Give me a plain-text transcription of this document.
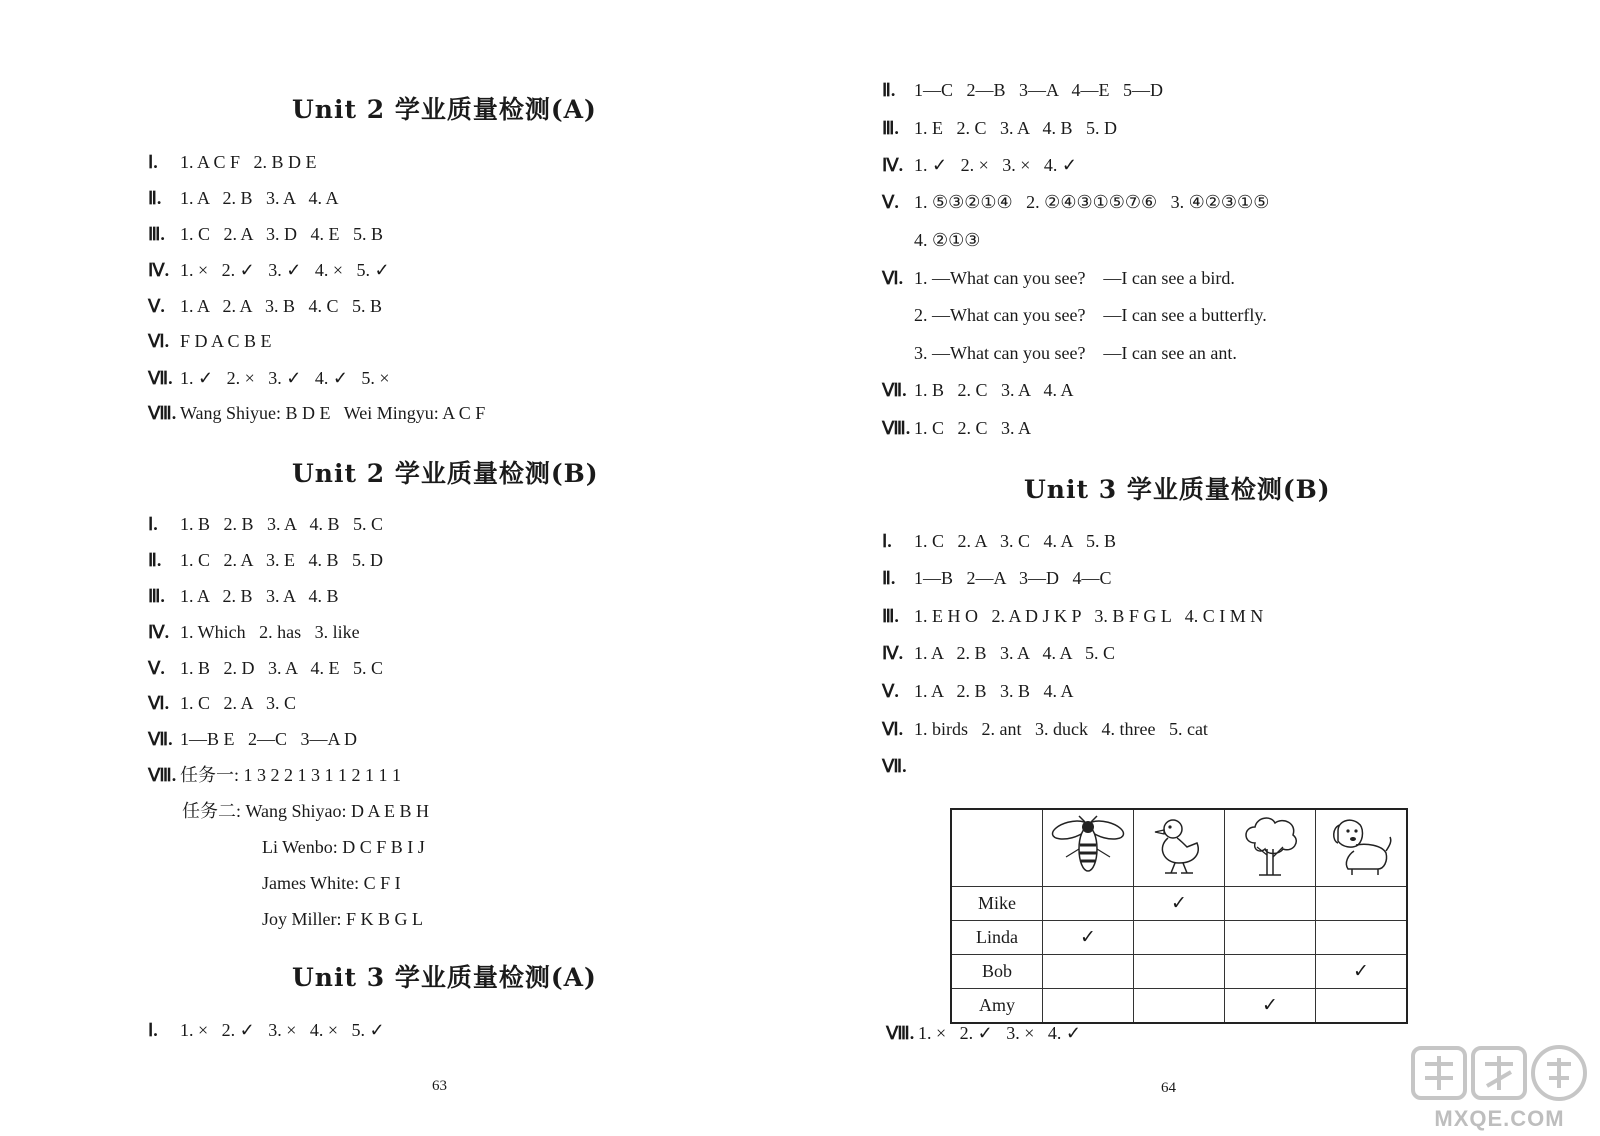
Unit 2 学业质量检测(A)
Ⅰ. 1. A C F   2. B D E
Ⅱ. 1. A   2. B   3. A   4. A
Ⅲ. 1. C   2. A   3. D   4. E   5. B
Ⅳ. 1. ×   2. ✓   3. ✓   4. ×   5. ✓
Ⅴ. 1. A   2. A   3. B   4. C   5. B
Ⅵ. F D A C B E
Ⅶ. 1. ✓   2. ×   3. ✓   4. ✓   5. ×
Ⅷ. Wang Shiyue: B D E   Wei Mingyu: A C F
Unit 2 学业质量检测(B)
Ⅰ. 1. B   2. B   3. A   4. B   5. C
Ⅱ. 1. C   2. A   3. E   4. B   5. D
Ⅲ. 1. A   2. B   3. A   4. B
Ⅳ. 1. Which   2. has   3. like
Ⅴ. 1. B   2. D   3. A   4. E   5. C
Ⅵ. 1. C   2. A   3. C
Ⅶ. 1—B E   2—C   3—A D
Ⅷ. 任务一: 1 3 2 2 1 3 1 1 2 1 1 1
任务二: Wang Shiyao: D A E B H
Li Wenbo: D C F B I J
James White: C F I
Joy Miller: F K B G L
Unit 3 学业质量检测(A)
Ⅰ. 1. ×   2. ✓   3. ×   4. ×   5. ✓
63
Ⅱ. 1—C   2—B   3—A   4—E   5—D
Ⅲ. 1. E   2. C   3. A   4. B   5. D
Ⅳ. 1. ✓   2. ×   3. ×   4. ✓
Ⅴ. 1. ⑤③②①④   2. ②④③①⑤⑦⑥   3. ④②③①⑤
4. ②①③
Ⅵ. 1. —What can you see?    —I can see a bird.
2. —What can you see?    —I can see a butterfly.
3. —What can you see?    —I can see an ant.
Ⅶ. 1. B   2. C   3. A   4. A
Ⅷ. 1. C   2. C   3. A
Unit 3 学业质量检测(B)
Ⅰ. 1. C   2. A   3. C   4. A   5. B
Ⅱ. 1—B   2—A   3—D   4—C
Ⅲ. 1. E H O   2. A D J K P   3. B F G L   4. C I M N
Ⅳ. 1. A   2. B   3. A   4. A   5. C
Ⅴ. 1. A   2. B   3. B   4. A
Ⅵ. 1. birds   2. ant   3. duck   4. three   5. cat
Ⅶ.

Mike		✓		
Linda	✓			
Bob				✓
Amy			✓	
Ⅷ. 1. ×   2. ✓   3. ×   4. ✓
64
MXQE.COM
